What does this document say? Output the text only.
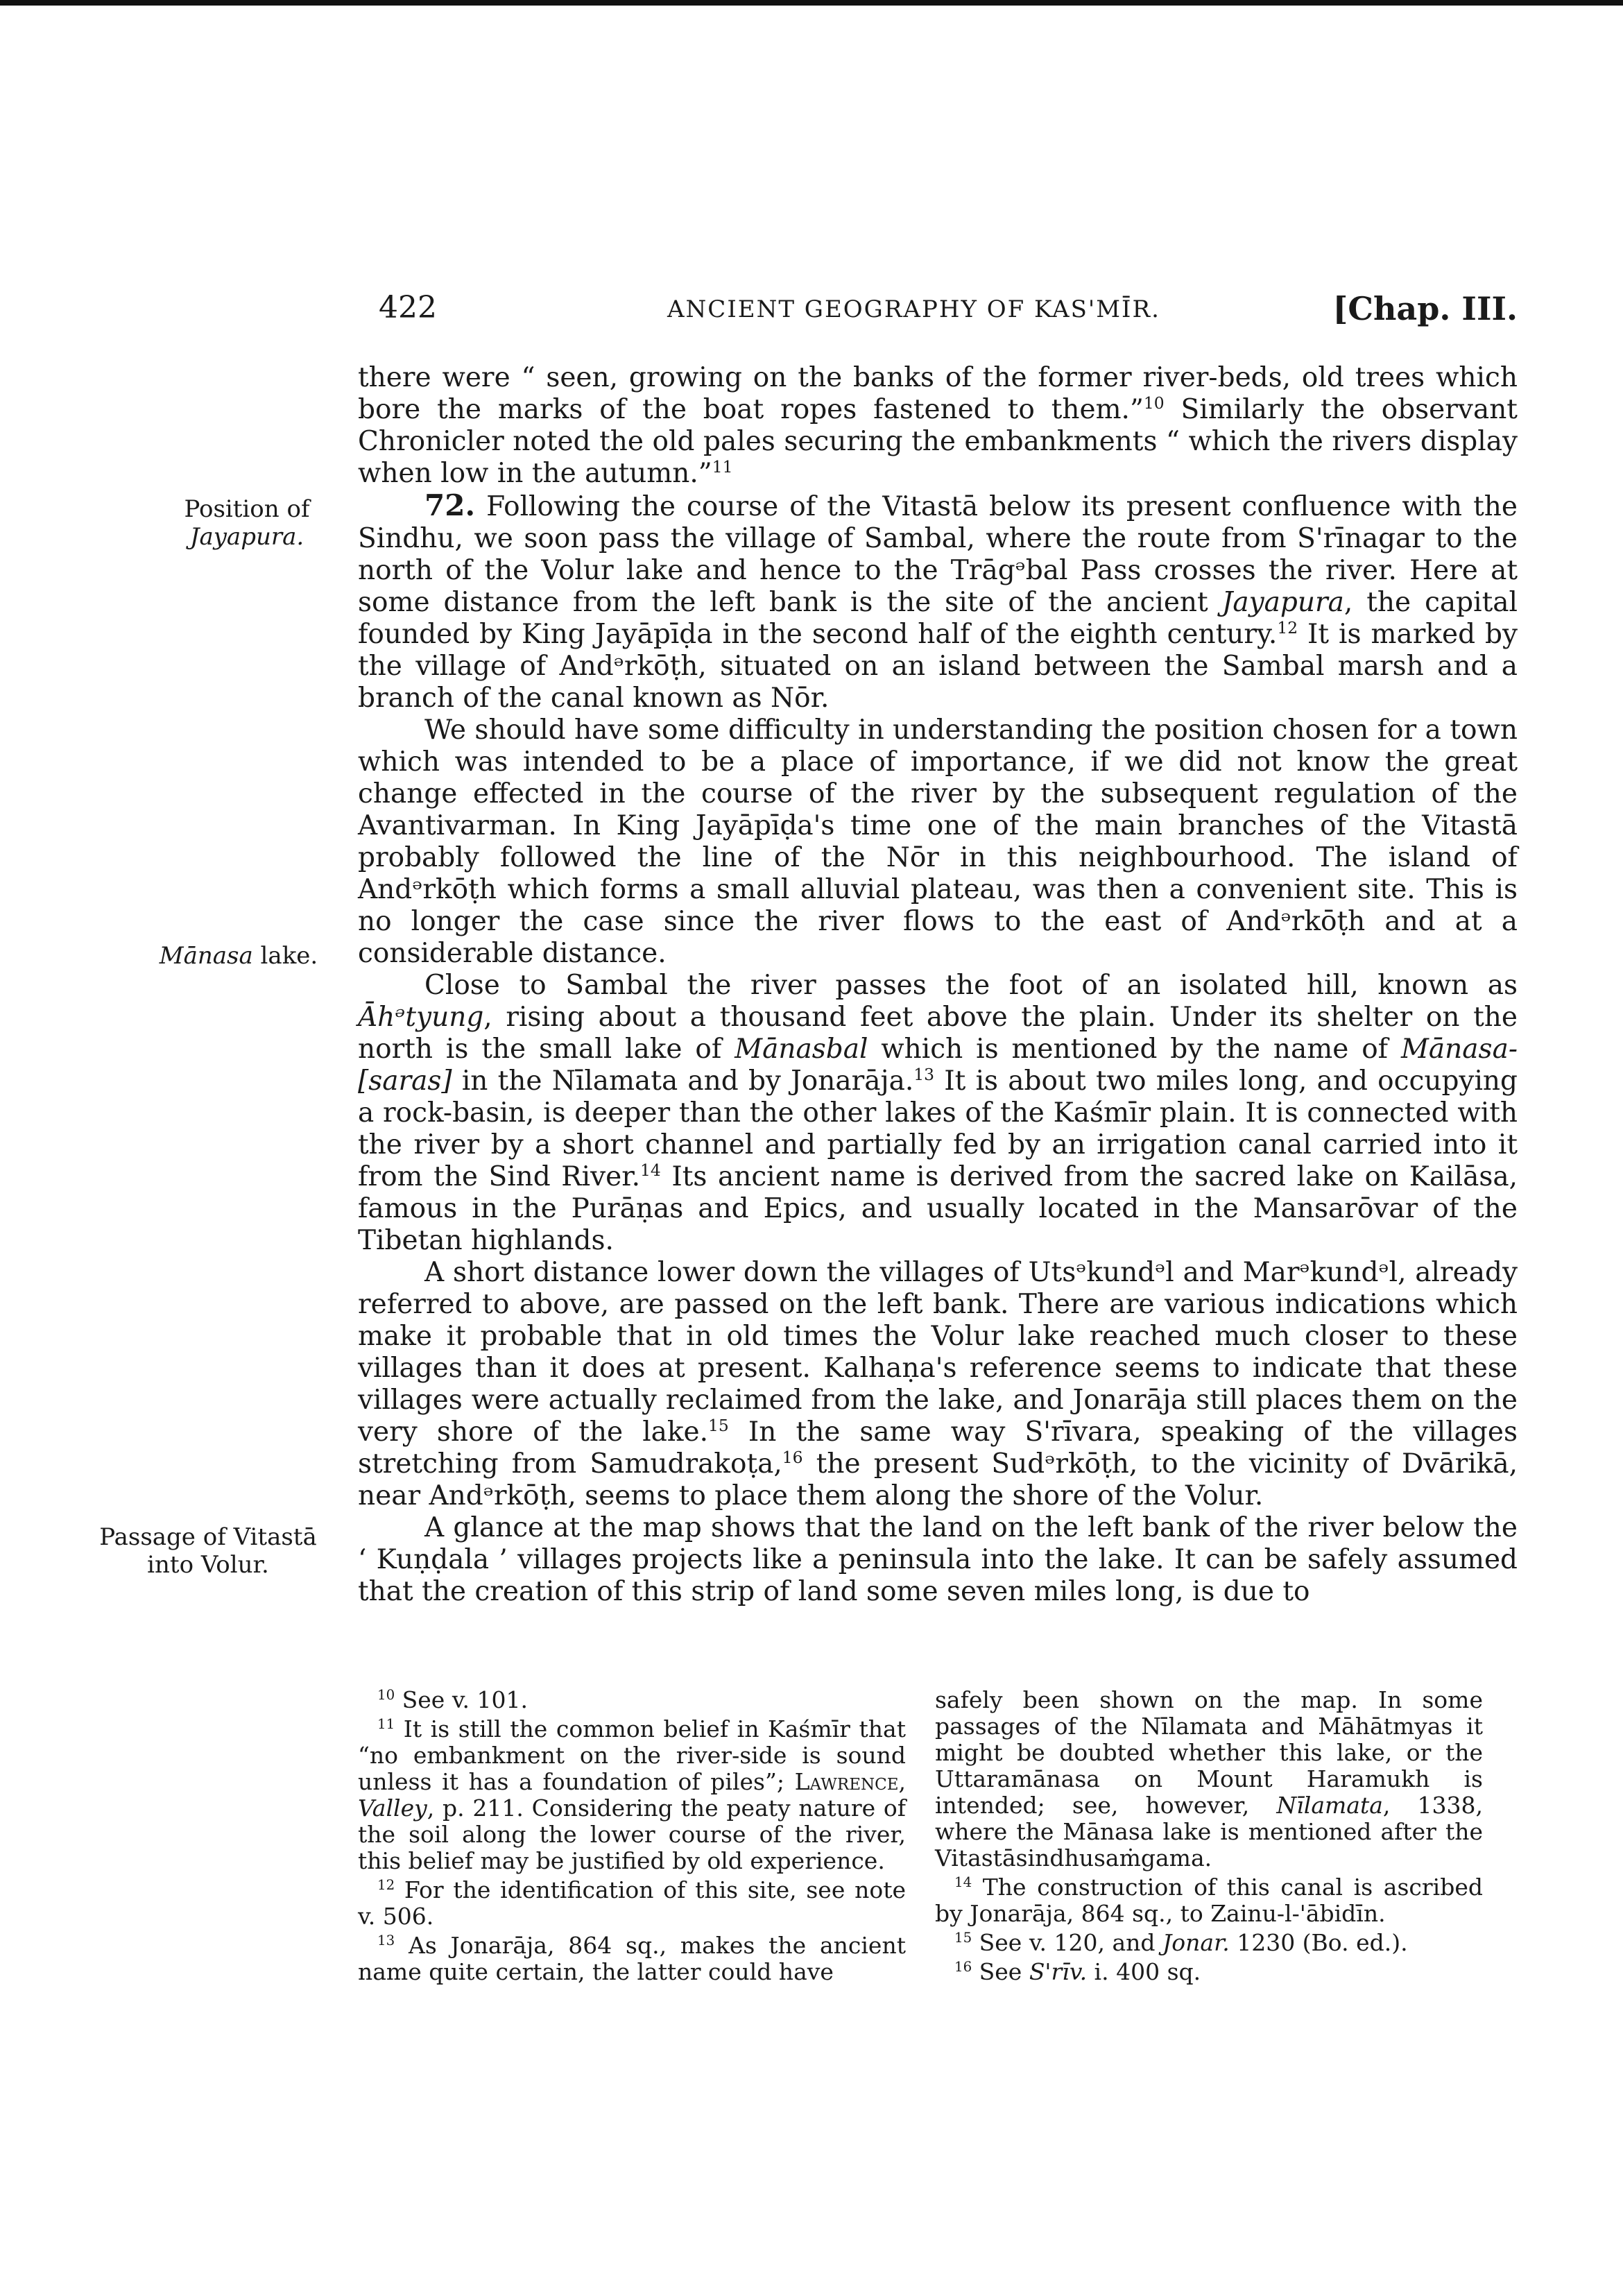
422	ANCIENT GEOGRAPHY OF KAS'MĪR.	[Chap. III.
Position of
Jayapura.
Mānasa lake.
Passage of Vitastā
into Volur.

there were “ seen, growing on the banks of the former river-beds, old trees which bore the marks of the boat ropes fastened to them.”$^{10}$ Similarly the observant Chronicler noted the old pales securing the embankments “ which the rivers display when low in the autumn.”$^{11}$

72. Following the course of the Vitastā below its present confluence with the Sindhu, we soon pass the village of Sambal, where the route from S'rīnagar to the north of the Volur lake and hence to the Trāgᵊbal Pass crosses the river. Here at some distance from the left bank is the site of the ancient Jayapura, the capital founded by King Jayāpīḍa in the second half of the eighth century.$^{12}$ It is marked by the village of Andᵊrkōṭh, situated on an island between the Sambal marsh and a branch of the canal known as Nōr.

We should have some difficulty in understanding the position chosen for a town which was intended to be a place of importance, if we did not know the great change effected in the course of the river by the subsequent regulation of the Avantivarman. In King Jayāpīḍa's time one of the main branches of the Vitastā probably followed the line of the Nōr in this neighbourhood. The island of Andᵊrkōṭh which forms a small alluvial plateau, was then a convenient site. This is no longer the case since the river flows to the east of Andᵊrkōṭh and at a considerable distance.

Close to Sambal the river passes the foot of an isolated hill, known as Āhᵊtyung, rising about a thousand feet above the plain. Under its shelter on the north is the small lake of Mānasbal which is mentioned by the name of Mānasa-[saras] in the Nīlamata and by Jonarāja.$^{13}$ It is about two miles long, and occupying a rock-basin, is deeper than the other lakes of the Kaśmīr plain. It is connected with the river by a short channel and partially fed by an irrigation canal carried into it from the Sind River.$^{14}$ Its ancient name is derived from the sacred lake on Kailāsa, famous in the Purāṇas and Epics, and usually located in the Mansarōvar of the Tibetan highlands.

A short distance lower down the villages of Utsᵊkundᵊl and Marᵊkundᵊl, already referred to above, are passed on the left bank. There are various indications which make it probable that in old times the Volur lake reached much closer to these villages than it does at present. Kalhaṇa's reference seems to indicate that these villages were actually reclaimed from the lake, and Jonarāja still places them on the very shore of the lake.$^{15}$ In the same way S'rīvara, speaking of the villages stretching from Samudrakoṭa,$^{16}$ the present Sudᵊrkōṭh, to the vicinity of Dvārikā, near Andᵊrkōṭh, seems to place them along the shore of the Volur.

A glance at the map shows that the land on the left bank of the river below the ‘ Kuṇḍala ’ villages projects like a peninsula into the lake. It can be safely assumed that the creation of this strip of land some seven miles long, is due to

$^{10}$ See v. 101.

$^{11}$ It is still the common belief in Kaśmīr that “no embankment on the river-side is sound unless it has a foundation of piles”; Lawrence, Valley, p. 211. Considering the peaty nature of the soil along the lower course of the river, this belief may be justified by old experience.

$^{12}$ For the identification of this site, see note v. 506.

$^{13}$ As Jonarāja, 864 sq., makes the ancient name quite certain, the latter could have

safely been shown on the map. In some passages of the Nīlamata and Māhātmyas it might be doubted whether this lake, or the Uttaramānasa on Mount Haramukh is intended; see, however, Nīlamata, 1338, where the Mānasa lake is mentioned after the Vitastāsindhusaṁgama.

$^{14}$ The construction of this canal is ascribed by Jonarāja, 864 sq., to Zainu-l-'ābidīn.

$^{15}$ See v. 120, and Jonar. 1230 (Bo. ed.).

$^{16}$ See S'rīv. i. 400 sq.
